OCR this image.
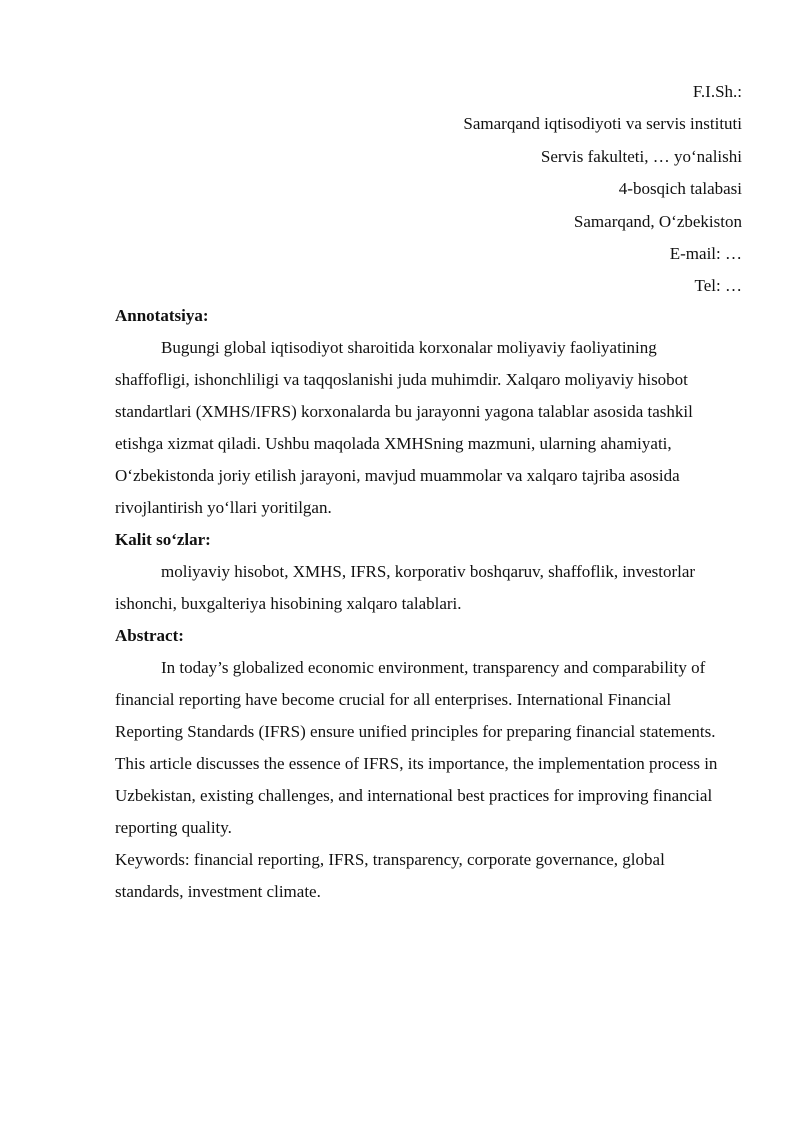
F.I.Sh.:
Samarqand iqtisodiyoti va servis instituti
Servis fakulteti, … yo‘nalishi
4-bosqich talabasi
Samarqand, O‘zbekiston
E-mail: …
Tel: …

Annotatsiya:

Bugungi global iqtisodiyot sharoitida korxonalar moliyaviy faoliyatining shaffofligi, ishonchliligi va taqqoslanishi juda muhimdir. Xalqaro moliyaviy hisobot standartlari (XMHS/IFRS) korxonalarda bu jarayonni yagona talablar asosida tashkil etishga xizmat qiladi. Ushbu maqolada XMHSning mazmuni, ularning ahamiyati, O‘zbekistonda joriy etilish jarayoni, mavjud muammolar va xalqaro tajriba asosida rivojlantirish yo‘llari yoritilgan.

Kalit so‘zlar:

moliyaviy hisobot, XMHS, IFRS, korporativ boshqaruv, shaffoflik, investorlar ishonchi, buxgalteriya hisobining xalqaro talablari.

Abstract:

In today’s globalized economic environment, transparency and comparability of financial reporting have become crucial for all enterprises. International Financial Reporting Standards (IFRS) ensure unified principles for preparing financial statements. This article discusses the essence of IFRS, its importance, the implementation process in Uzbekistan, existing challenges, and international best practices for improving financial reporting quality.

Keywords: financial reporting, IFRS, transparency, corporate governance, global standards, investment climate.
